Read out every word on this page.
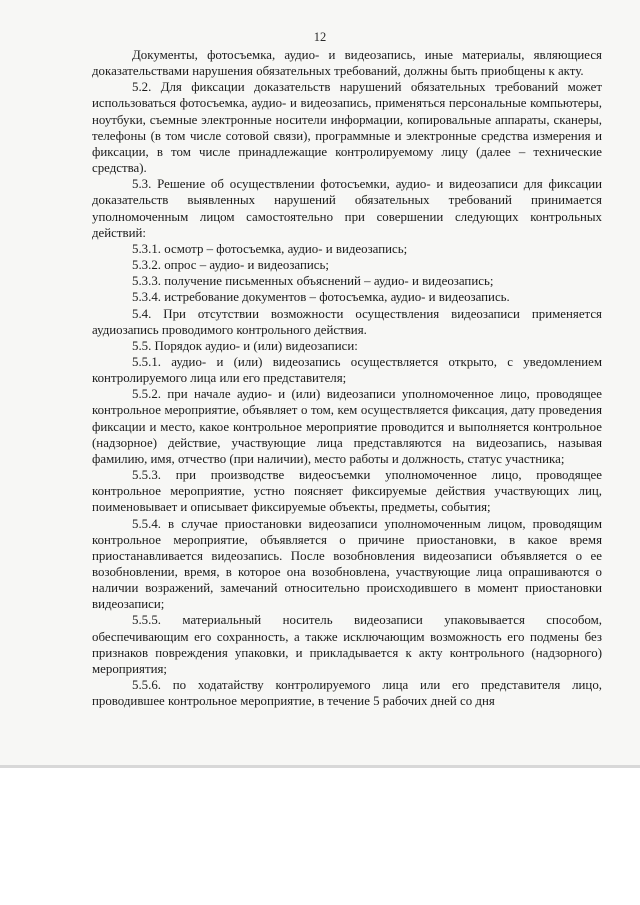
12

Документы, фотосъемка, аудио- и видеозапись, иные материалы, являющиеся доказательствами нарушения обязательных требований, должны быть приобщены к акту.

5.2. Для фиксации доказательств нарушений обязательных требований может использоваться фотосъемка, аудио- и видеозапись, применяться персональные компьютеры, ноутбуки, съемные электронные носители информации, копировальные аппараты, сканеры, телефоны (в том числе сотовой связи), программные и электронные средства измерения и фиксации, в том числе принадлежащие контролируемому лицу (далее – технические средства).

5.3. Решение об осуществлении фотосъемки, аудио- и видеозаписи для фиксации доказательств выявленных нарушений обязательных требований принимается уполномоченным лицом самостоятельно при совершении следующих контрольных действий:

5.3.1. осмотр – фотосъемка, аудио- и видеозапись;

5.3.2. опрос – аудио- и видеозапись;

5.3.3. получение письменных объяснений – аудио- и видеозапись;

5.3.4. истребование документов – фотосъемка, аудио- и видеозапись.

5.4. При отсутствии возможности осуществления видеозаписи применяется аудиозапись проводимого контрольного действия.

5.5. Порядок аудио- и (или) видеозаписи:

5.5.1. аудио- и (или) видеозапись осуществляется открыто, с уведомлением контролируемого лица или его представителя;

5.5.2. при начале аудио- и (или) видеозаписи уполномоченное лицо, проводящее контрольное мероприятие, объявляет о том, кем осуществляется фиксация, дату проведения фиксации и место, какое контрольное мероприятие проводится и выполняется контрольное (надзорное) действие, участвующие лица представляются на видеозапись, называя фамилию, имя, отчество (при наличии), место работы и должность, статус участника;

5.5.3. при производстве видеосъемки уполномоченное лицо, проводящее контрольное мероприятие, устно поясняет фиксируемые действия участвующих лиц, поименовывает и описывает фиксируемые объекты, предметы, события;

5.5.4. в случае приостановки видеозаписи уполномоченным лицом, проводящим контрольное мероприятие, объявляется о причине приостановки, в какое время приостанавливается видеозапись. После возобновления видеозаписи объявляется о ее возобновлении, время, в которое она возобновлена, участвующие лица опрашиваются о наличии возражений, замечаний относительно происходившего в момент приостановки видеозаписи;

5.5.5. материальный носитель видеозаписи упаковывается способом, обеспечивающим его сохранность, а также исключающим возможность его подмены без признаков повреждения упаковки, и прикладывается к акту контрольного (надзорного) мероприятия;

5.5.6. по ходатайству контролируемого лица или его представителя лицо, проводившее контрольное мероприятие, в течение 5 рабочих дней со дня
